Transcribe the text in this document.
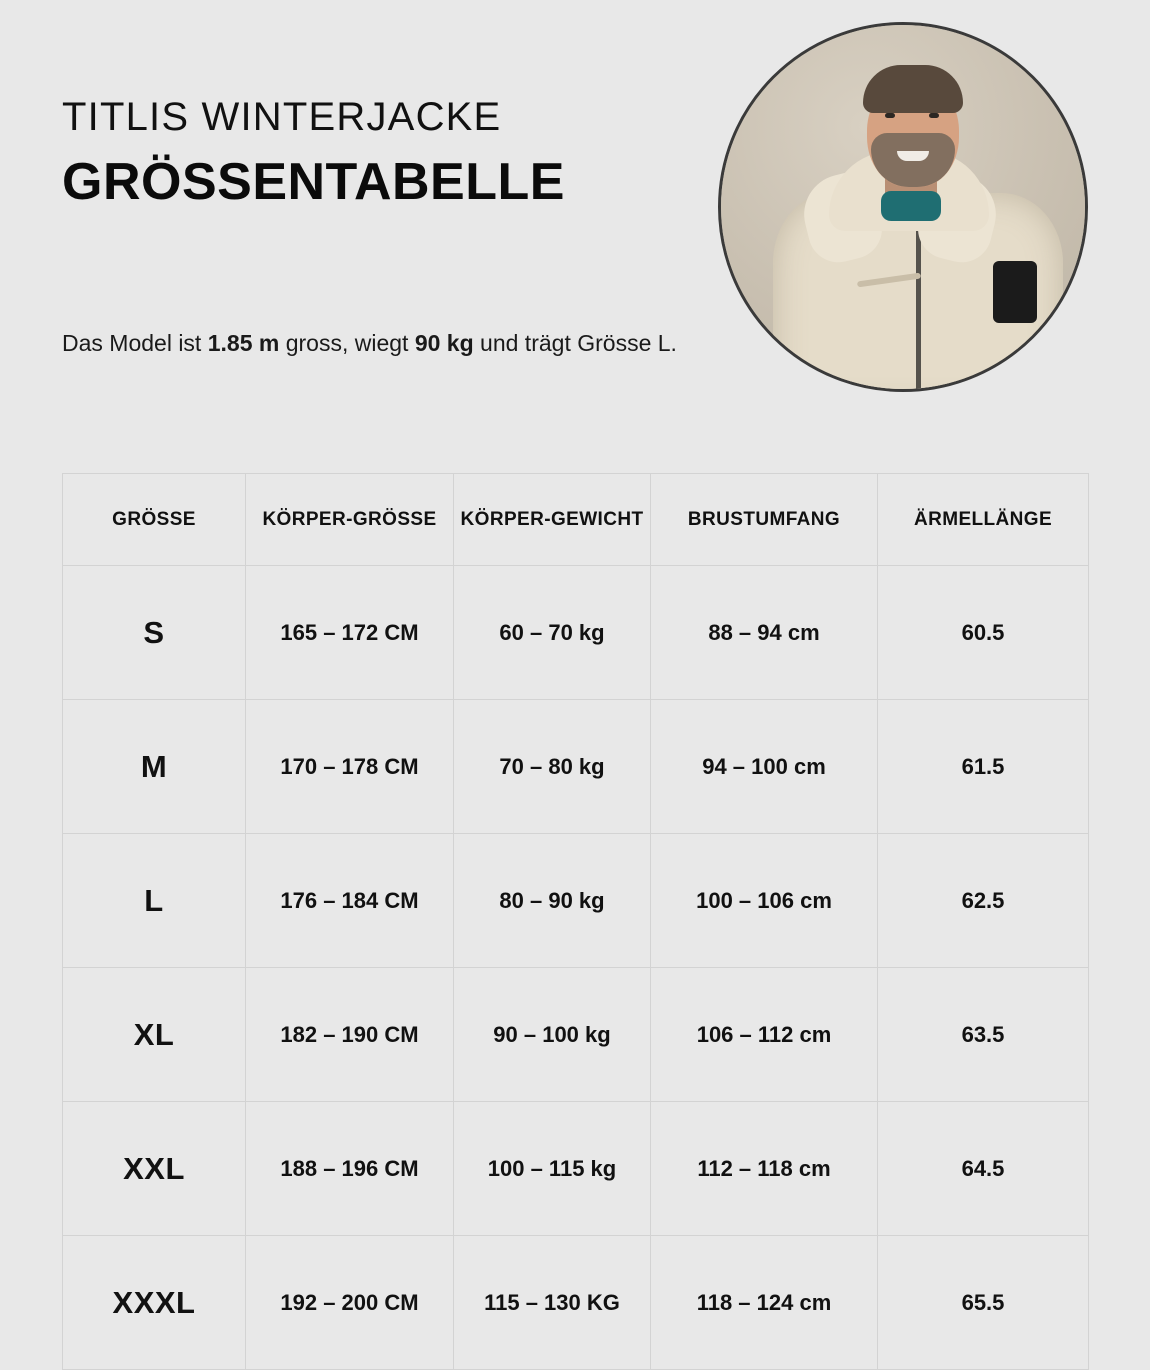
TITLIS WINTERJACKE
GRÖSSENTABELLE
Das Model ist 1.85 m gross, wiegt 90 kg und trägt Grösse L.
GRÖSSE	KÖRPER-GRÖSSE	KÖRPER-GEWICHT	BRUSTUMFANG	ÄRMELLÄNGE
S	165 – 172 CM	60 – 70 kg	88 – 94 cm	60.5
M	170 – 178 CM	70 – 80 kg	94 – 100 cm	61.5
L	176 – 184 CM	80 – 90 kg	100 – 106 cm	62.5
XL	182 – 190 CM	90 – 100 kg	106 – 112 cm	63.5
XXL	188 – 196 CM	100 – 115 kg	112 – 118 cm	64.5
XXXL	192 – 200 CM	115 – 130 KG	118 – 124 cm	65.5
